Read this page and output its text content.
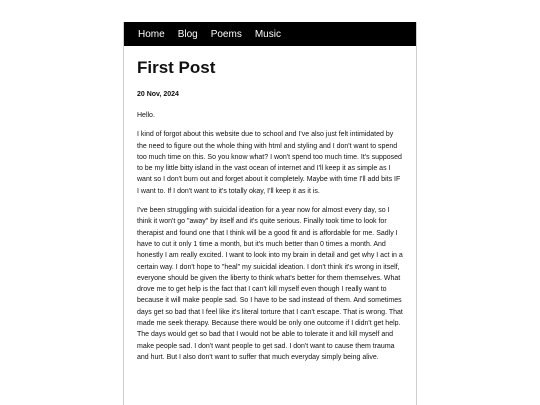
Home Blog Poems Music
First Post
20 Nov, 2024

Hello.

I kind of forgot about this website due to school and I've also just felt intimidated by the need to figure out the whole thing with html and styling and I don't want to spend too much time on this. So you know what? I won't spend too much time. It's supposed to be my little bitty island in the vast ocean of internet and I'll keep it as simple as I want so I don't burn out and forget about it completely. Maybe with time I'll add bits IF I want to. If I don't want to it's totally okay, I'll keep it as it is.

I've been struggling with suicidal ideation for a year now for almost every day, so I think it won't go "away" by itself and it's quite serious. Finally took time to look for therapist and found one that I think will be a good fit and is affordable for me. Sadly I have to cut it only 1 time a month, but it's much better than 0 times a month. And honestly I am really excited. I want to look into my brain in detail and get why I act in a certain way. I don't hope to "heal" my suicidal ideation. I don't think it's wrong in itself, everyone should be given the liberty to think what's better for them themselves. What drove me to get help is the fact that I can't kill myself even though I really want to because it will make people sad. So I have to be sad instead of them. And sometimes days get so bad that I feel like it's literal torture that I can't escape. That is wrong. That made me seek therapy. Because there would be only one outcome if I didn't get help. The days would get so bad that I would not be able to tolerate it and kill myself and make people sad. I don't want people to get sad. I don't want to cause them trauma and hurt. But I also don't want to suffer that much everyday simply being alive.
